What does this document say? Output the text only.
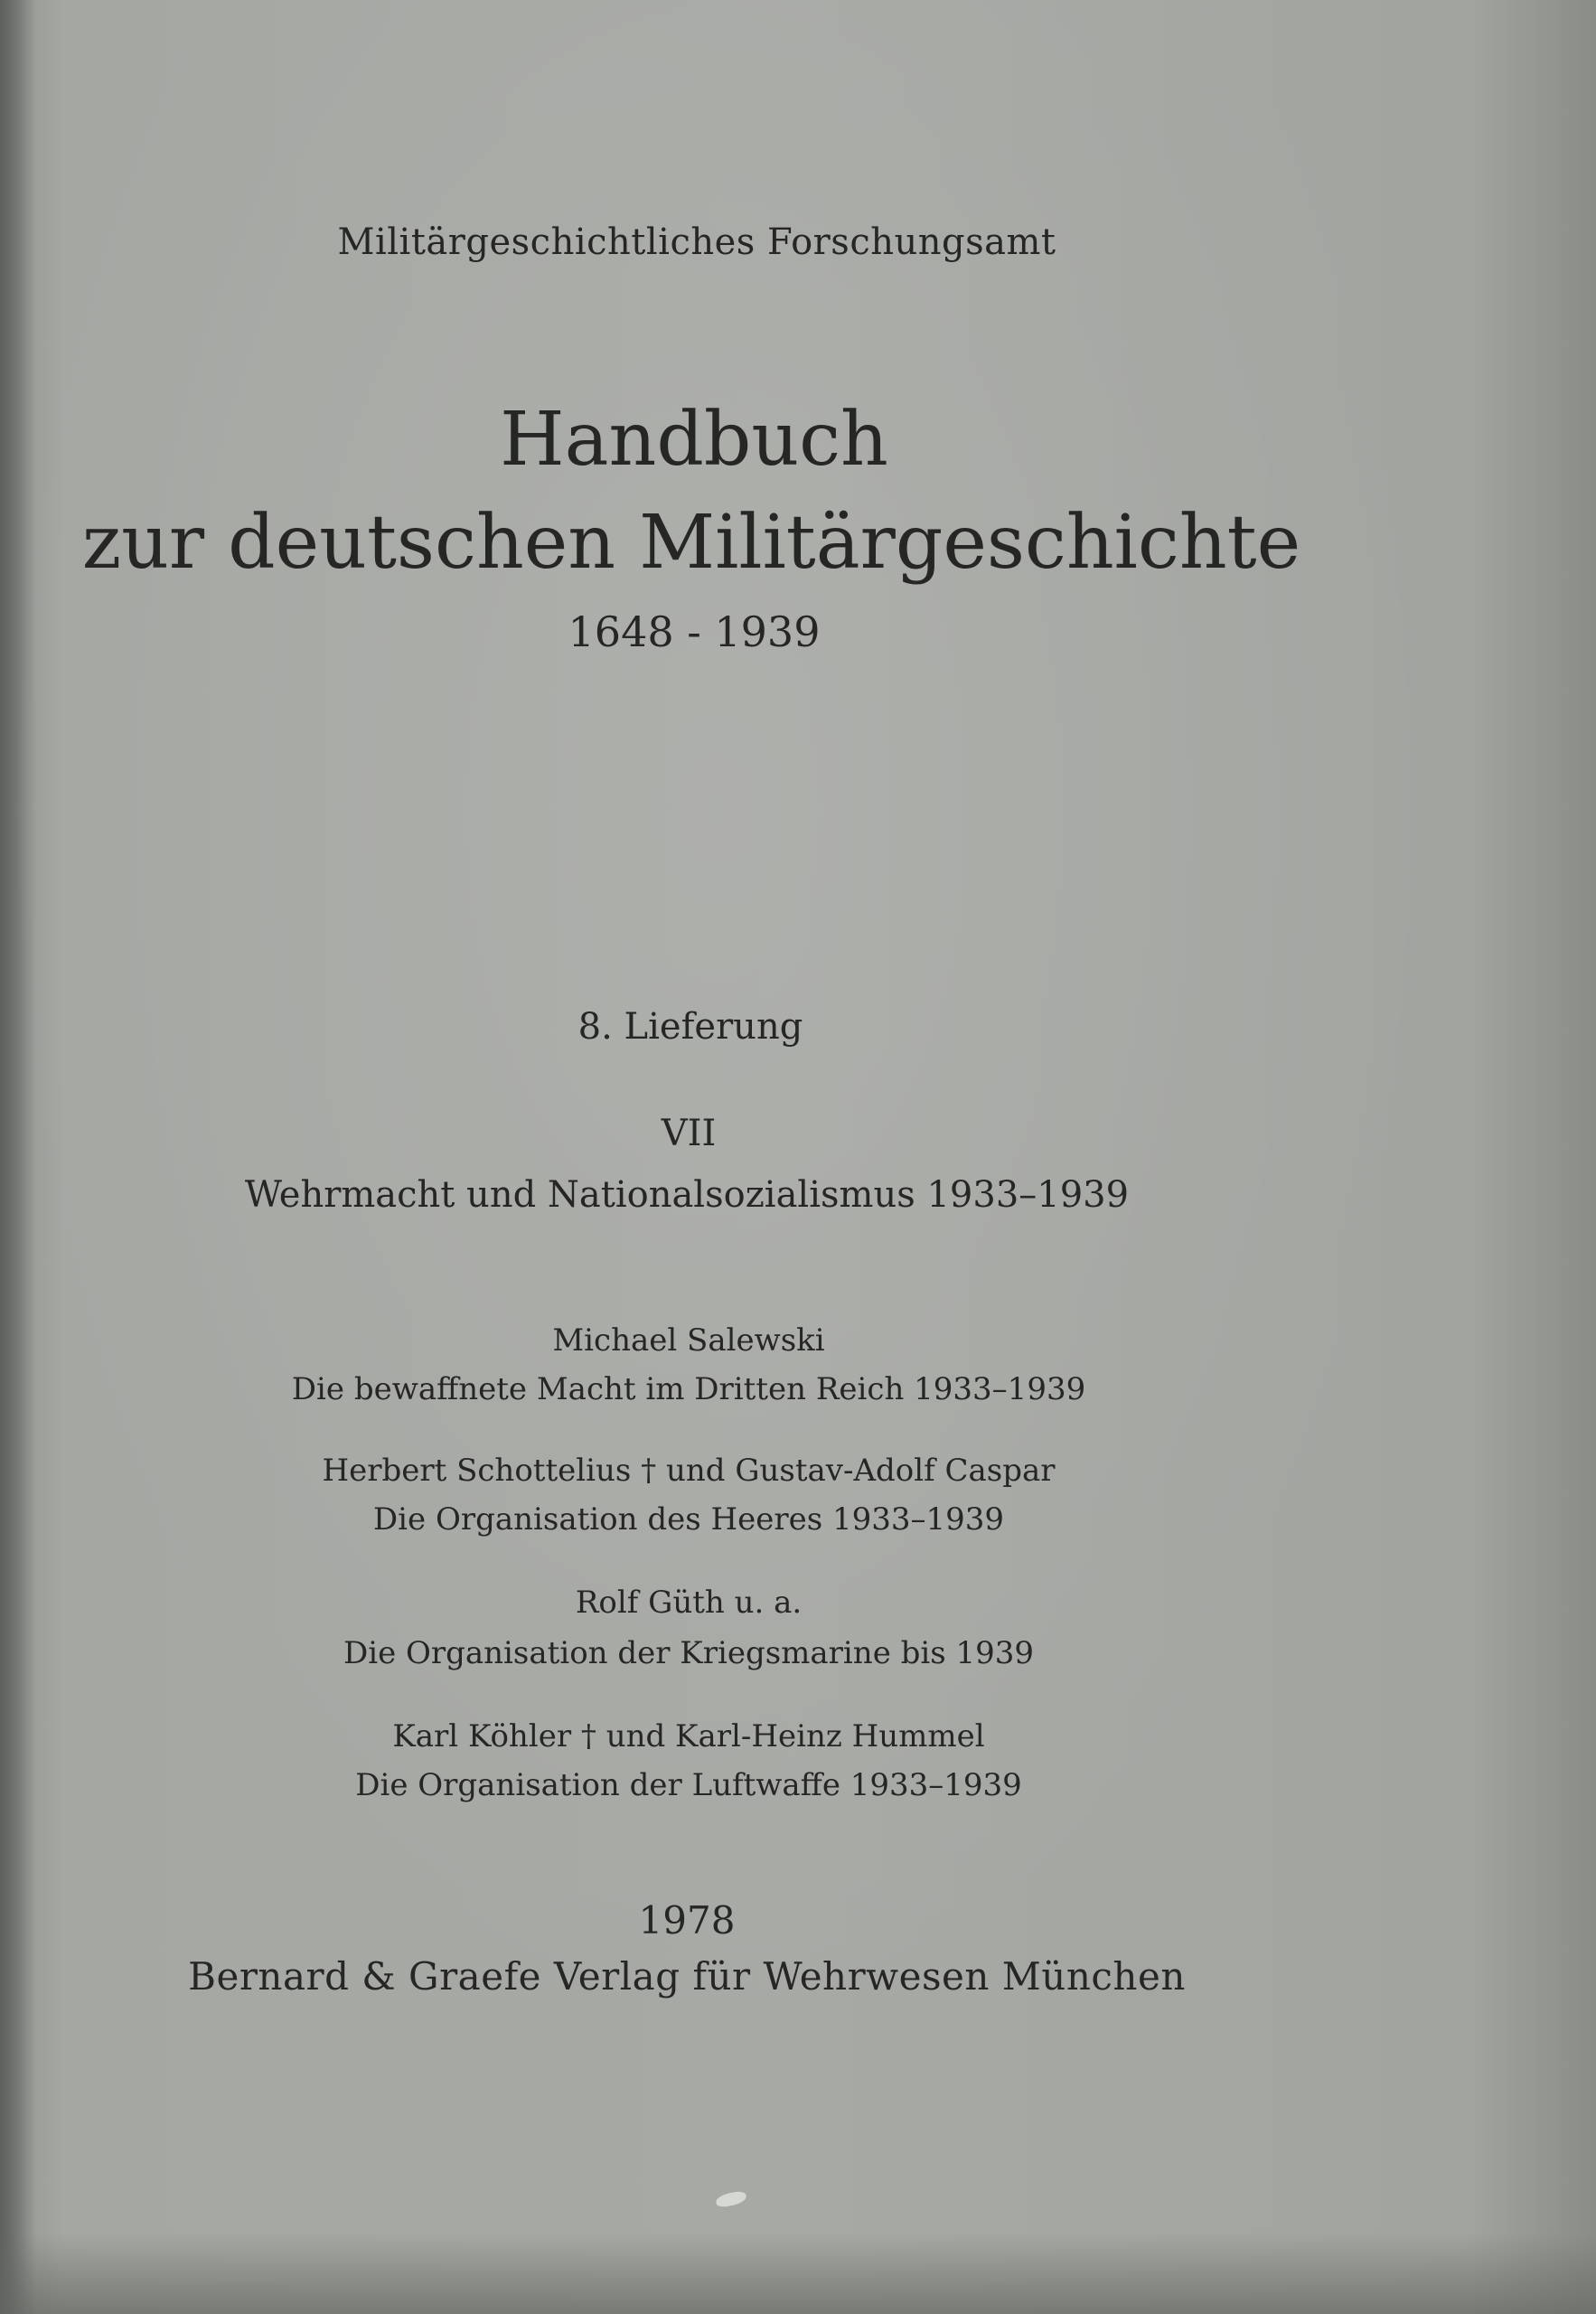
Militärgeschichtliches Forschungsamt
Handbuch
zur deutschen Militärgeschichte
1648 - 1939
8. Lieferung
VII
Wehrmacht und Nationalsozialismus 1933–1939
Michael Salewski
Die bewaffnete Macht im Dritten Reich 1933–1939
Herbert Schottelius † und Gustav-Adolf Caspar
Die Organisation des Heeres 1933–1939
Rolf Güth u. a.
Die Organisation der Kriegsmarine bis 1939
Karl Köhler † und Karl-Heinz Hummel
Die Organisation der Luftwaffe 1933–1939
1978
Bernard & Graefe Verlag für Wehrwesen München
